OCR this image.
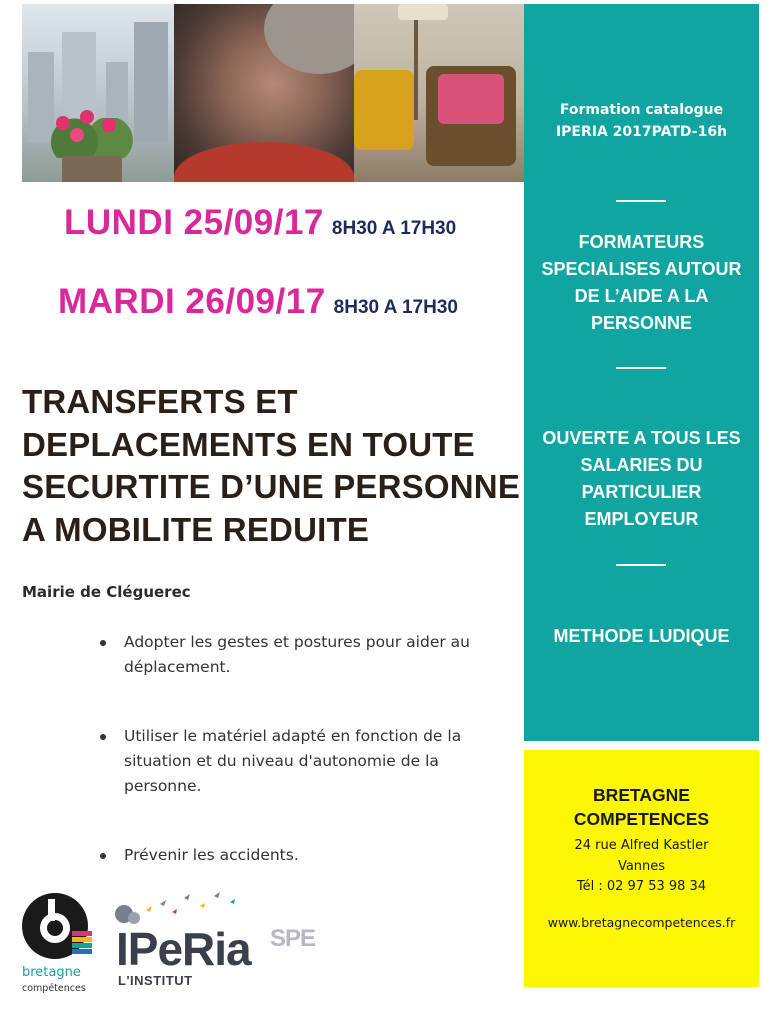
LUNDI 25/09/17 8H30 A 17H30
MARDI 26/09/17 8H30 A 17H30
TRANSFERTS ET DEPLACEMENTS EN TOUTE SECURTITE D’UNE PERSONNE A MOBILITE REDUITE
Mairie de Cléguerec
Adopter les gestes et postures pour aider au déplacement.
Utiliser le matériel adapté en fonction de la situation et du niveau d'autonomie de la personne.
Prévenir les accidents.
Formation catalogue
IPERIA 2017PATD-16h
FORMATEURS SPECIALISES AUTOUR DE L’AIDE A LA PERSONNE
OUVERTE A TOUS LES SALARIES DU PARTICULIER EMPLOYEUR
METHODE LUDIQUE
BRETAGNE
COMPETENCES
24 rue Alfred Kastler
Vannes
Tél : 02 97 53 98 34
www.bretagnecompetences.fr
bretagne
compétences
IPeRia
L'INSTITUT
SPE
